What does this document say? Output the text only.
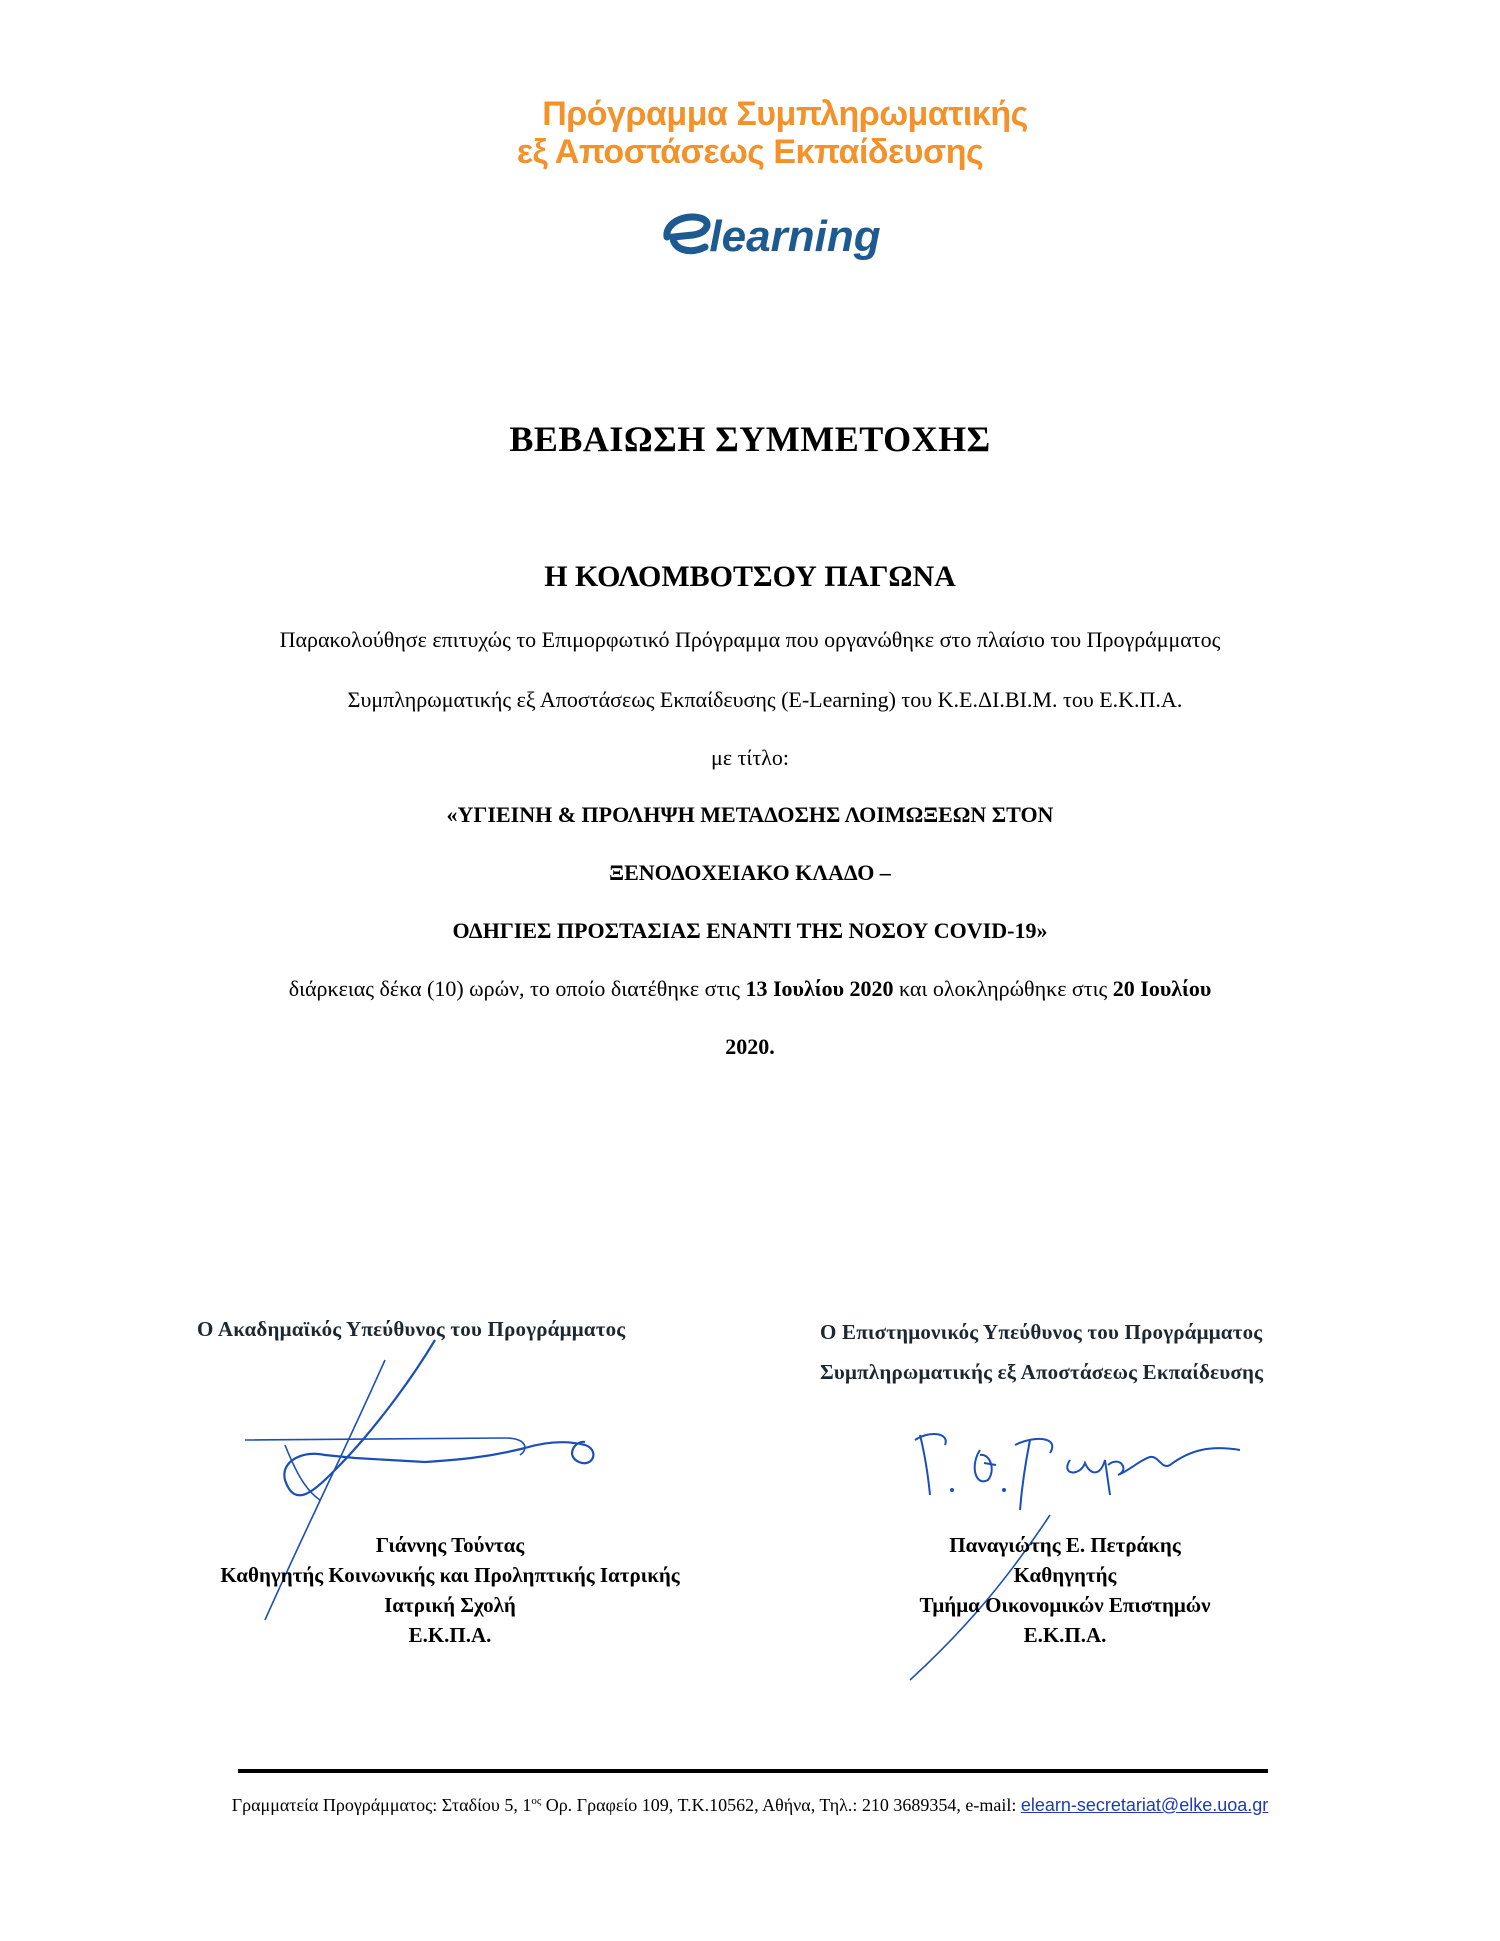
Πρόγραμμα Συμπληρωματικής
εξ Αποστάσεως Εκπαίδευσης
learning
ΒΕΒΑΙΩΣΗ ΣΥΜΜΕΤΟΧΗΣ
Η ΚΟΛΟΜΒΟΤΣΟΥ ΠΑΓΩΝΑ
Παρακολούθησε επιτυχώς το Επιμορφωτικό Πρόγραμμα που οργανώθηκε στο πλαίσιο του Προγράμματος
Συμπληρωματικής εξ Αποστάσεως Εκπαίδευσης (E-Learning) του Κ.Ε.ΔΙ.ΒΙ.Μ. του Ε.Κ.Π.Α.
με τίτλο:
«ΥΓΙΕΙΝΗ & ΠΡΟΛΗΨΗ ΜΕΤΑΔΟΣΗΣ ΛΟΙΜΩΞΕΩΝ ΣΤΟΝ
ΞΕΝΟΔΟΧΕΙΑΚΟ ΚΛΑΔΟ –
ΟΔΗΓΙΕΣ ΠΡΟΣΤΑΣΙΑΣ ΕΝΑΝΤΙ ΤΗΣ ΝΟΣΟΥ COVID-19»
διάρκειας δέκα (10) ωρών, το οποίο διατέθηκε στις 13 Ιουλίου 2020 και ολοκληρώθηκε στις 20 Ιουλίου
2020.
Ο Ακαδημαϊκός Υπεύθυνος του Προγράμματος
Γιάννης Τούντας
Καθηγητής Κοινωνικής και Προληπτικής Ιατρικής
Ιατρική Σχολή
Ε.Κ.Π.Α.
Ο Επιστημονικός Υπεύθυνος του Προγράμματος
Συμπληρωματικής εξ Αποστάσεως Εκπαίδευσης
Παναγιώτης Ε. Πετράκης
Καθηγητής
Τμήμα Οικονομικών Επιστημών
Ε.Κ.Π.Α.
Γραμματεία Προγράμματος: Σταδίου 5, $1^{o\varsigma}$ Ορ. Γραφείο 109, Τ.Κ.10562, Αθήνα, Τηλ.: 210 3689354, e-mail: elearn-secretariat@elke.uoa.gr
